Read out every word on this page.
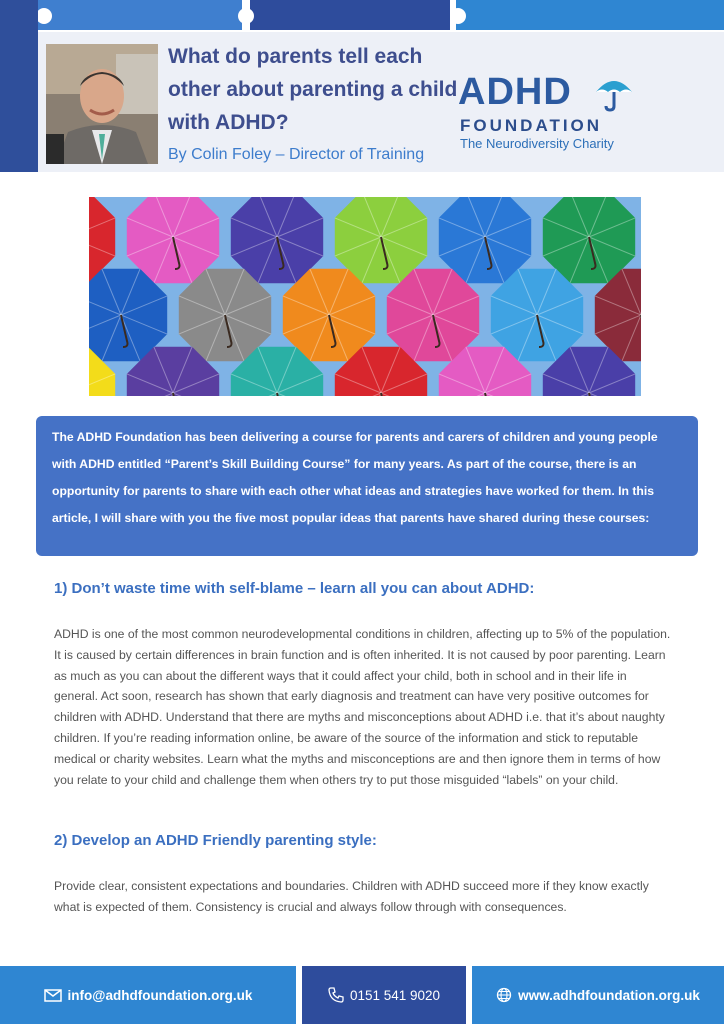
What do parents tell each other about parenting a child with ADHD?
By Colin Foley – Director of Training
ADHD
FOUNDATION
The Neurodiversity Charity

The ADHD Foundation has been delivering a course for parents and carers of children and young people with ADHD entitled “Parent’s Skill Building Course” for many years. As part of the course, there is an opportunity for parents to share with each other what ideas and strategies have worked for them. In this article, I will share with you the five most popular ideas that parents have shared during these courses:

1) Don’t waste time with self-blame – learn all you can about ADHD:
ADHD is one of the most common neurodevelopmental conditions in children, affecting up to 5% of the population. It is caused by certain differences in brain function and is often inherited. It is not caused by poor parenting. Learn as much as you can about the different ways that it could affect your child, both in school and in their life in general. Act soon, research has shown that early diagnosis and treatment can have very positive outcomes for children with ADHD. Understand that there are myths and misconceptions about ADHD i.e. that it’s about naughty children. If you’re reading information online, be aware of the source of the information and stick to reputable medical or charity websites. Learn what the myths and misconceptions are and then ignore them in terms of how you relate to your child and challenge them when others try to put those misguided “labels” on your child.
2) Develop an ADHD Friendly parenting style:
Provide clear, consistent expectations and boundaries. Children with ADHD succeed more if they know exactly what is expected of them. Consistency is crucial and always follow through with consequences.
info@adhdfoundation.org.uk	0151 541 9020	www.adhdfoundation.org.uk
